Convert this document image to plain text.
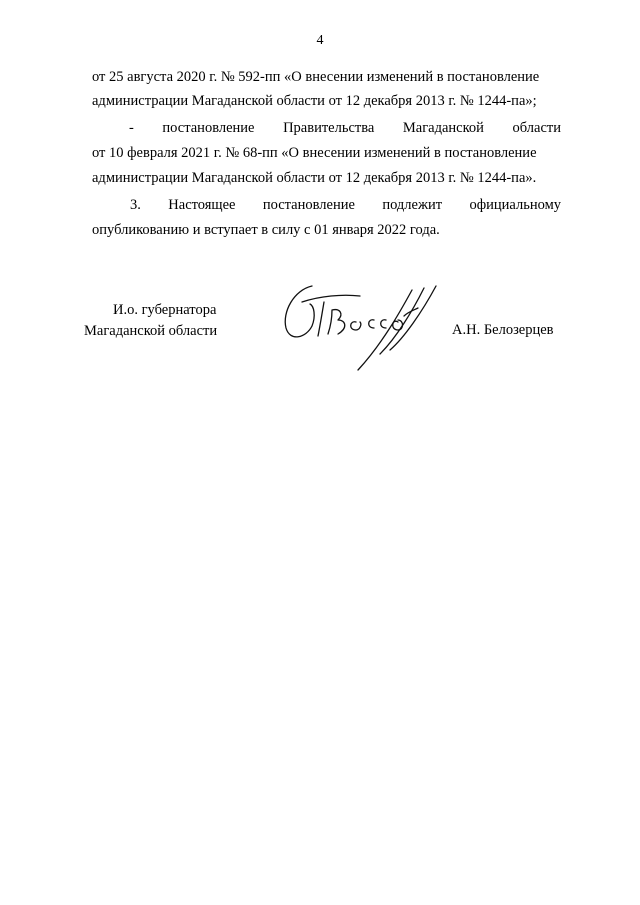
4
от 25 августа 2020 г. № 592-пп «О внесении изменений в постановление
администрации Магаданской области от 12 декабря 2013 г. № 1244-па»;
- постановление Правительства Магаданской области
от 10 февраля 2021 г. № 68-пп «О внесении изменений в постановление
администрации Магаданской области от 12 декабря 2013 г. № 1244-па».
3. Настоящее постановление подлежит официальному
опубликованию и вступает в силу с 01 января 2022 года.
И.о. губернатора
Магаданской области	А.Н. Белозерцев
